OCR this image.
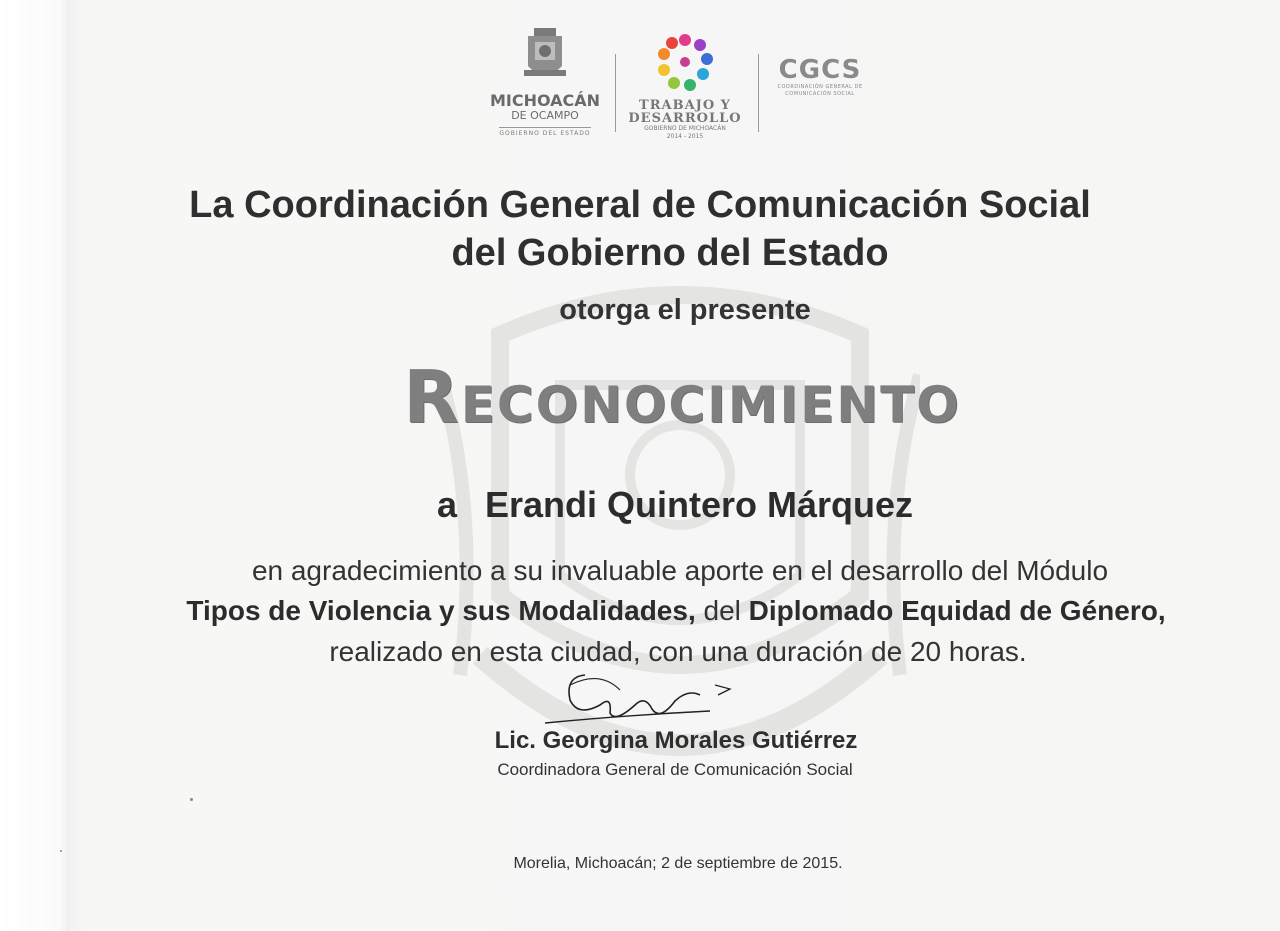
MICHOACÁN
DE OCAMPO
GOBIERNO DEL ESTADO
TRABAJO Y
DESARROLLO
GOBIERNO DE MICHOACÁN
2014 - 2015
CGCS
COORDINACIÓN GENERAL DE
COMUNICACIÓN SOCIAL
La Coordinación General de Comunicación Social
del Gobierno del Estado
otorga el presente
Reconocimiento
a Erandi Quintero Márquez
en agradecimiento a su invaluable aporte en el desarrollo del Módulo
Tipos de Violencia y sus Modalidades, del Diplomado Equidad de Género,
realizado en esta ciudad, con una duración de 20 horas.
Lic. Georgina Morales Gutiérrez
Coordinadora General de Comunicación Social
Morelia, Michoacán; 2 de septiembre de 2015.
